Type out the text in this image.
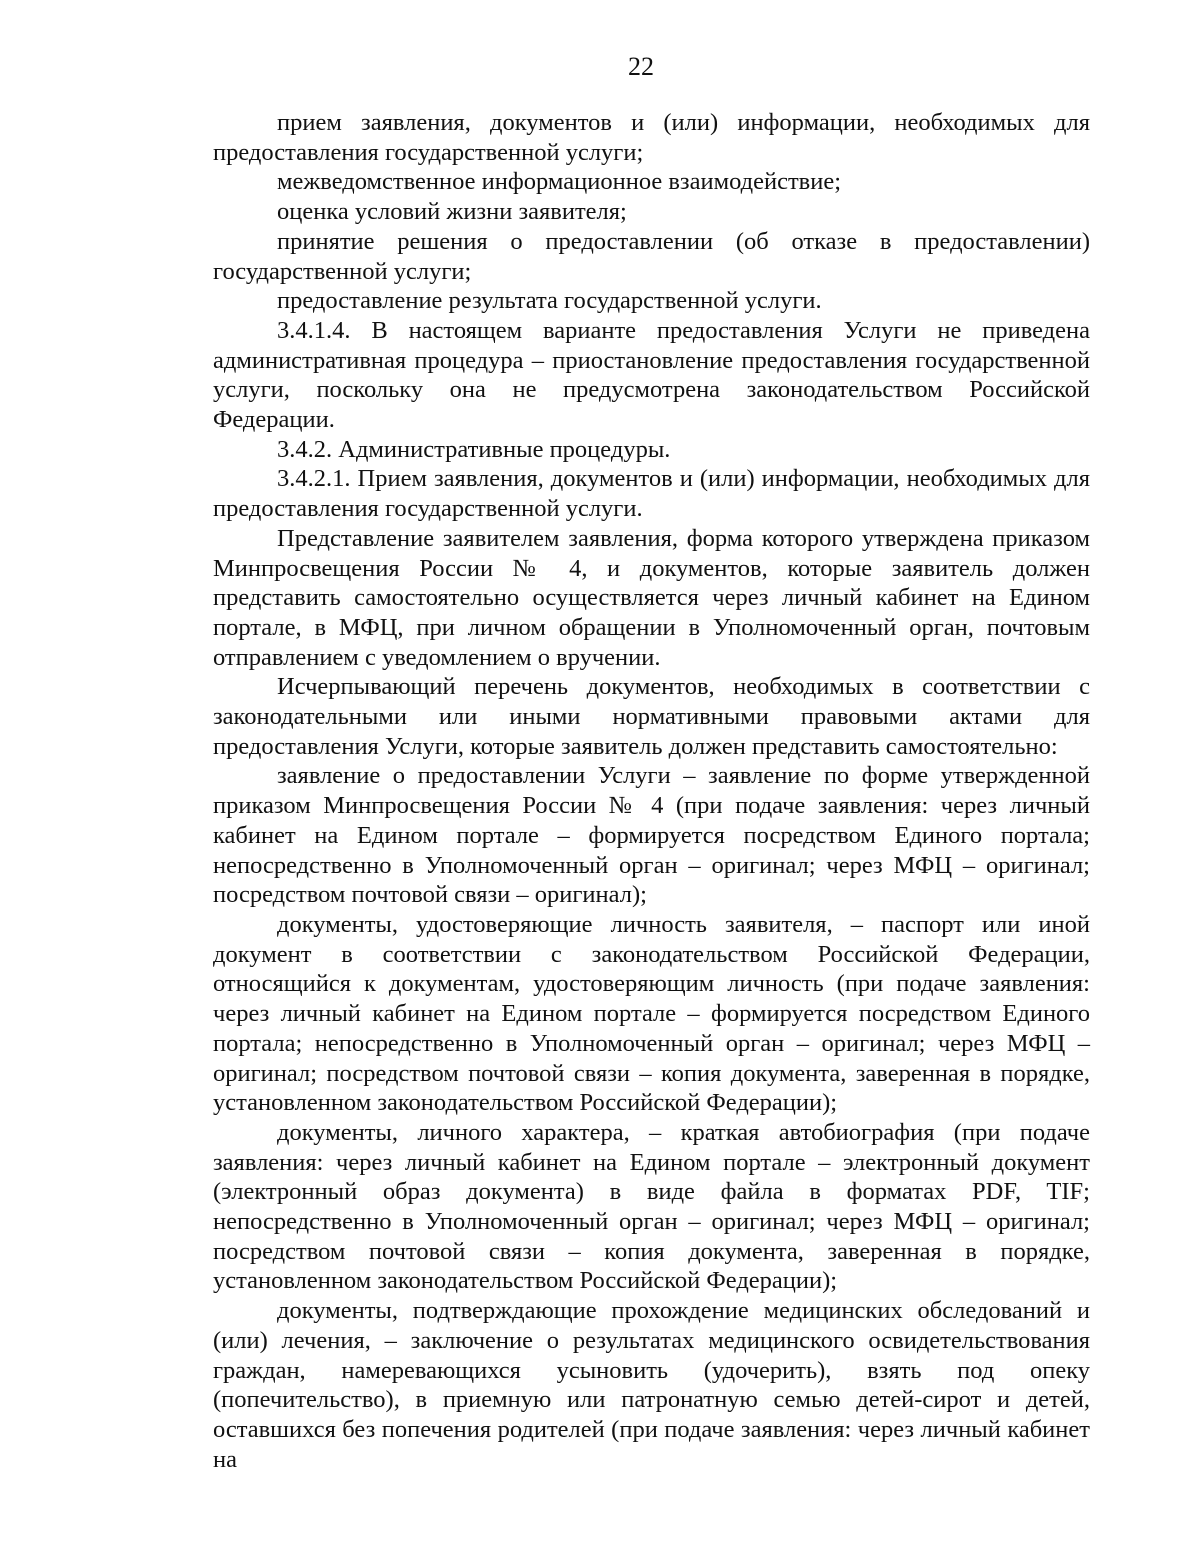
22

прием заявления, документов и (или) информации, необходимых для предоставления государственной услуги;

межведомственное информационное взаимодействие;

оценка условий жизни заявителя;

принятие решения о предоставлении (об отказе в предоставлении) государственной услуги;

предоставление результата государственной услуги.

3.4.1.4. В настоящем варианте предоставления Услуги не приведена административная процедура – приостановление предоставления государственной услуги, поскольку она не предусмотрена законодательством Российской Федерации.

3.4.2. Административные процедуры.

3.4.2.1. Прием заявления, документов и (или) информации, необходимых для предоставления государственной услуги.

Представление заявителем заявления, форма которого утверждена приказом Минпросвещения России № 4, и документов, которые заявитель должен представить самостоятельно осуществляется через личный кабинет на Едином портале, в МФЦ, при личном обращении в Уполномоченный орган, почтовым отправлением с уведомлением о вручении.

Исчерпывающий перечень документов, необходимых в соответствии с законодательными или иными нормативными правовыми актами для предоставления Услуги, которые заявитель должен представить самостоятельно:

заявление о предоставлении Услуги – заявление по форме утвержденной приказом Минпросвещения России № 4 (при подаче заявления: через личный кабинет на Едином портале – формируется посредством Единого портала; непосредственно в Уполномоченный орган – оригинал; через МФЦ – оригинал; посредством почтовой связи – оригинал);

документы, удостоверяющие личность заявителя, – паспорт или иной документ в соответствии с законодательством Российской Федерации, относящийся к документам, удостоверяющим личность (при подаче заявления: через личный кабинет на Едином портале – формируется посредством Единого портала; непосредственно в Уполномоченный орган – оригинал; через МФЦ – оригинал; посредством почтовой связи – копия документа, заверенная в порядке, установленном законодательством Российской Федерации);

документы, личного характера, – краткая автобиография (при подаче заявления: через личный кабинет на Едином портале – электронный документ (электронный образ документа) в виде файла в форматах PDF, TIF; непосредственно в Уполномоченный орган – оригинал; через МФЦ – оригинал; посредством почтовой связи – копия документа, заверенная в порядке, установленном законодательством Российской Федерации);

документы, подтверждающие прохождение медицинских обследований и (или) лечения, – заключение о результатах медицинского освидетельствования граждан, намеревающихся усыновить (удочерить), взять под опеку (попечительство), в приемную или патронатную семью детей-сирот и детей, оставшихся без попечения родителей (при подаче заявления: через личный кабинет на
